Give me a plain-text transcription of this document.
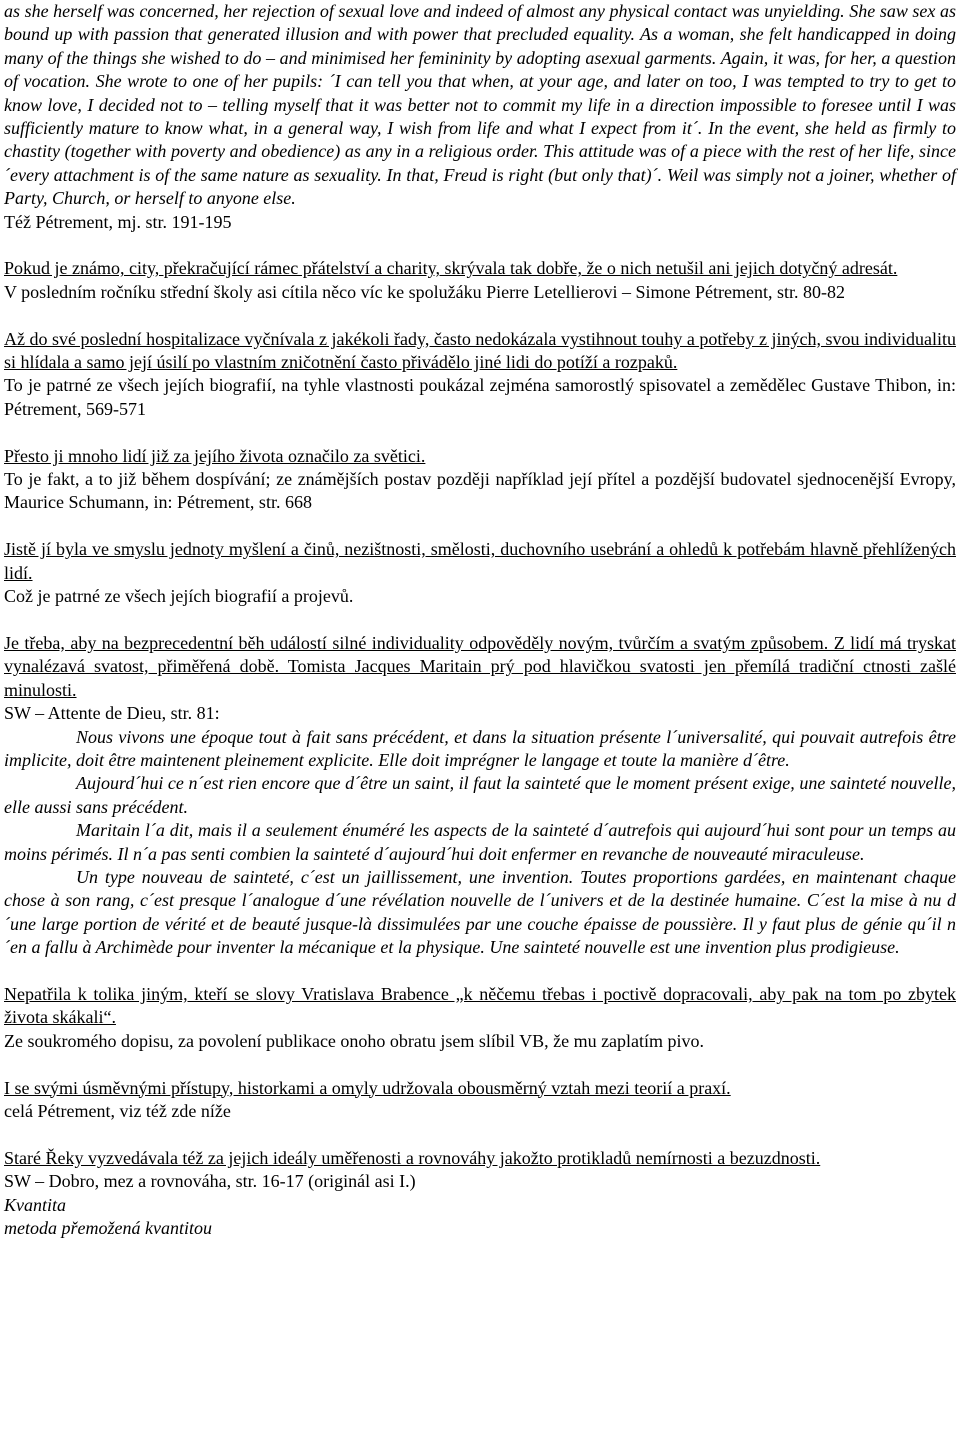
as she herself was concerned, her rejection of sexual love and indeed of almost any physical contact was unyielding. She saw sex as bound up with passion that generated illusion and with power that precluded equality. As a woman, she felt handicapped in doing many of the things she wished to do – and minimised her femininity by adopting asexual garments. Again, it was, for her, a question of vocation. She wrote to one of her pupils: ´I can tell you that when, at your age, and later on too, I was tempted to try to get to know love, I decided not to – telling myself that it was better not to commit my life in a direction impossible to foresee until I was sufficiently mature to know what, in a general way, I wish from life and what I expect from it´. In the event, she held as firmly to chastity (together with poverty and obedience) as any in a religious order. This attitude was of a piece with the rest of her life, since ´every attachment is of the same nature as sexuality. In that, Freud is right (but only that)´. Weil was simply not a joiner, whether of Party, Church, or herself to anyone else.

Též Pétrement, mj. str. 191-195

Pokud je známo, city, překračující rámec přátelství a charity, skrývala tak dobře, že o nich netušil ani jejich dotyčný adresát.

V posledním ročníku střední školy asi cítila něco víc ke spolužáku Pierre Letellierovi – Simone Pétrement, str. 80-82

Až do své poslední hospitalizace vyčnívala z jakékoli řady, často nedokázala vystihnout touhy a potřeby z jiných, svou individualitu si hlídala a samo její úsilí po vlastním zničotnění často přivádělo jiné lidi do potíží a rozpaků.

To je patrné ze všech jejích biografií, na tyhle vlastnosti poukázal zejména samorostlý spisovatel a zemědělec Gustave Thibon, in: Pétrement, 569-571

Přesto ji mnoho lidí již za jejího života označilo za světici.

To je fakt, a to již během dospívání; ze známějších postav později například její přítel a pozdější budovatel sjednocenější Evropy, Maurice Schumann, in: Pétrement, str. 668

Jistě jí byla ve smyslu jednoty myšlení a činů, nezištnosti, smělosti, duchovního usebrání a ohledů k potřebám hlavně přehlížených lidí.

Což je patrné ze všech jejích biografií a projevů.

Je třeba, aby na bezprecedentní běh událostí silné individuality odpověděly novým, tvůrčím a svatým způsobem. Z lidí má tryskat vynalézavá svatost, přiměřená době. Tomista Jacques Maritain prý pod hlavičkou svatosti jen přemílá tradiční ctnosti zašlé minulosti.

SW – Attente de Dieu, str. 81:

Nous vivons une époque tout à fait sans précédent, et dans la situation présente l´universalité, qui pouvait autrefois être implicite, doit être maintenent pleinement explicite. Elle doit imprégner le langage et toute la manière d´être.

Aujourd´hui ce n´est rien encore que d´être un saint, il faut la sainteté que le moment présent exige, une sainteté nouvelle, elle aussi sans précédent.

Maritain l´a dit, mais il a seulement énuméré les aspects de la sainteté d´autrefois qui aujourd´hui sont pour un temps au moins périmés. Il n´a pas senti combien la sainteté d´aujourd´hui doit enfermer en revanche de nouveauté miraculeuse.

Un type nouveau de sainteté, c´est un jaillissement, une invention. Toutes proportions gardées, en maintenant chaque chose à son rang, c´est presque l´analogue d´une révélation nouvelle de l´univers et de la destinée humaine. C´est la mise à nu d´une large portion de vérité et de beauté jusque-là dissimulées par une couche épaisse de poussière. Il y faut plus de génie qu´il n´en a fallu à Archimède pour inventer la mécanique et la physique. Une sainteté nouvelle est une invention plus prodigieuse.

Nepatřila k tolika jiným, kteří se slovy Vratislava Brabence „k něčemu třebas i poctivě dopracovali, aby pak na tom po zbytek života skákali“.

Ze soukromého dopisu, za povolení publikace onoho obratu jsem slíbil VB, že mu zaplatím pivo.

I se svými úsměvnými přístupy, historkami a omyly udržovala obousměrný vztah mezi teorií a praxí.

celá Pétrement, viz též zde níže

Staré Řeky vyzvedávala též za jejich ideály uměřenosti a rovnováhy jakožto protikladů nemírnosti a bezuzdnosti.

SW – Dobro, mez a rovnováha, str. 16-17 (originál asi I.)

Kvantita

metoda přemožená kvantitou
